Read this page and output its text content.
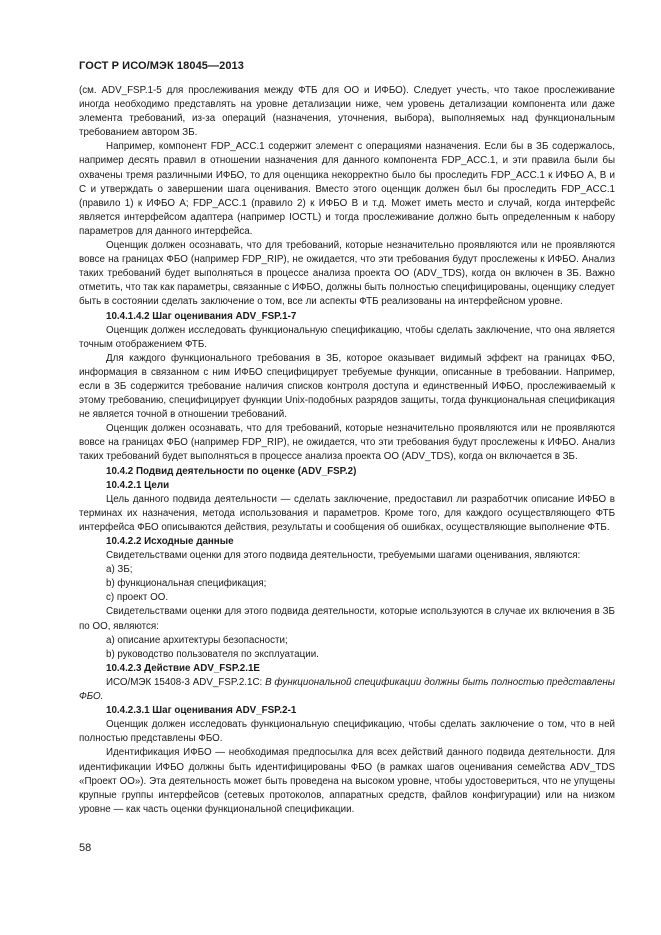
ГОСТ Р ИСО/МЭК 18045—2013

(см. ADV_FSP.1-5 для прослеживания между ФТБ для ОО и ИФБО). Следует учесть, что такое прослеживание иногда необходимо представлять на уровне детализации ниже, чем уровень детализации компонента или даже элемента требований, из-за операций (назначения, уточнения, выбора), выполняемых над функциональным требованием автором ЗБ.

Например, компонент FDP_ACC.1 содержит элемент с операциями назначения. Если бы в ЗБ содержалось, например десять правил в отношении назначения для данного компонента FDP_ACC.1, и эти правила были бы охвачены тремя различными ИФБО, то для оценщика некорректно было бы проследить FDP_ACC.1 к ИФБО А, В и С и утверждать о завершении шага оценивания. Вместо этого оценщик должен был бы проследить FDP_ACC.1 (правило 1) к ИФБО А; FDP_ACC.1 (правило 2) к ИФБО В и т.д. Может иметь место и случай, когда интерфейс является интерфейсом адаптера (например IOCTL) и тогда прослеживание должно быть определенным к набору параметров для данного интерфейса.

Оценщик должен осознавать, что для требований, которые незначительно проявляются или не проявляются вовсе на границах ФБО (например FDP_RIP), не ожидается, что эти требования будут прослежены к ИФБО. Анализ таких требований будет выполняться в процессе анализа проекта ОО (ADV_TDS), когда он включен в ЗБ. Важно отметить, что так как параметры, связанные с ИФБО, должны быть полностью специфицированы, оценщику следует быть в состоянии сделать заключение о том, все ли аспекты ФТБ реализованы на интерфейсном уровне.

10.4.1.4.2 Шаг оценивания ADV_FSP.1-7

Оценщик должен исследовать функциональную спецификацию, чтобы сделать заключение, что она является точным отображением ФТБ.

Для каждого функционального требования в ЗБ, которое оказывает видимый эффект на границах ФБО, информация в связанном с ним ИФБО специфицирует требуемые функции, описанные в требовании. Например, если в ЗБ содержится требование наличия списков контроля доступа и единственный ИФБО, прослеживаемый к этому требованию, специфицирует функции Unix-подобных разрядов защиты, тогда функциональная спецификация не является точной в отношении требований.

Оценщик должен осознавать, что для требований, которые незначительно проявляются или не проявляются вовсе на границах ФБО (например FDP_RIP), не ожидается, что эти требования будут прослежены к ИФБО. Анализ таких требований будет выполняться в процессе анализа проекта ОО (ADV_TDS), когда он включается в ЗБ.

10.4.2 Подвид деятельности по оценке (ADV_FSP.2)

10.4.2.1 Цели

Цель данного подвида деятельности — сделать заключение, предоставил ли разработчик описание ИФБО в терминах их назначения, метода использования и параметров. Кроме того, для каждого осуществляющего ФТБ интерфейса ФБО описываются действия, результаты и сообщения об ошибках, осуществляющие выполнение ФТБ.

10.4.2.2 Исходные данные

Свидетельствами оценки для этого подвида деятельности, требуемыми шагами оценивания, являются:

a) ЗБ;

b) функциональная спецификация;

c) проект ОО.

Свидетельствами оценки для этого подвида деятельности, которые используются в случае их включения в ЗБ по ОО, являются:

a) описание архитектуры безопасности;

b) руководство пользователя по эксплуатации.

10.4.2.3 Действие ADV_FSP.2.1E

ИСО/МЭК 15408-3 ADV_FSP.2.1C: В функциональной спецификации должны быть полностью представлены ФБО.

10.4.2.3.1 Шаг оценивания ADV_FSP.2-1

Оценщик должен исследовать функциональную спецификацию, чтобы сделать заключение о том, что в ней полностью представлены ФБО.

Идентификация ИФБО — необходимая предпосылка для всех действий данного подвида деятельности. Для идентификации ИФБО должны быть идентифицированы ФБО (в рамках шагов оценивания семейства ADV_TDS «Проект ОО»). Эта деятельность может быть проведена на высоком уровне, чтобы удостовериться, что не упущены крупные группы интерфейсов (сетевых протоколов, аппаратных средств, файлов конфигурации) или на низком уровне — как часть оценки функциональной спецификации.

58
